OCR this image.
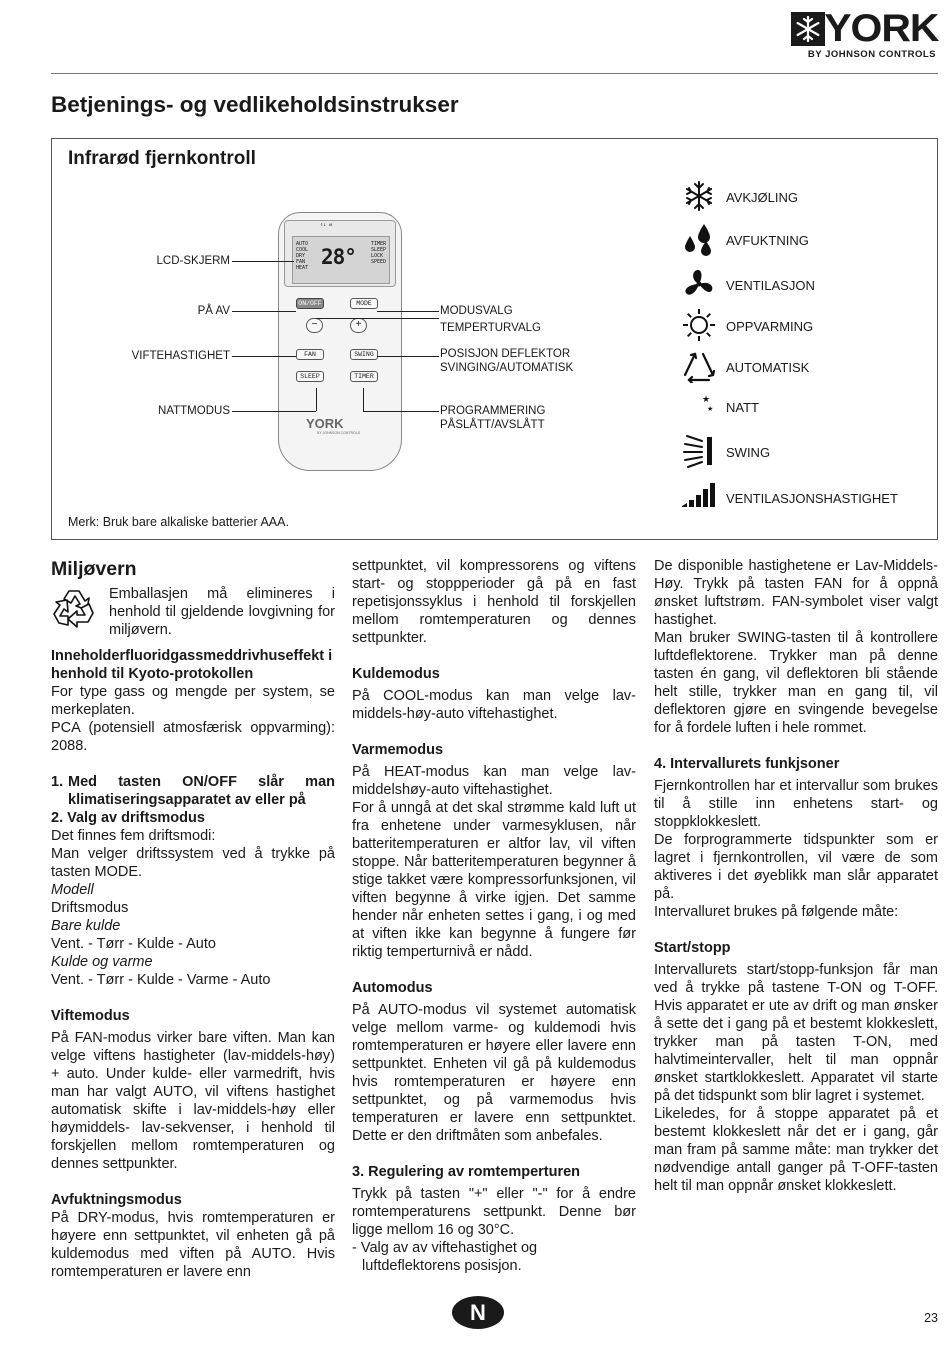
YORK
BY JOHNSON CONTROLS
Betjenings- og vedlikeholdsinstrukser
Infrarød fjernkontroll
↑↓ ⇄
AUTO
COOL
DRY
FAN
HEAT 28°
TIMER
SLEEP
LOCK
SPEED
ON/OFF	MODE
−	+
FAN	SWING
SLEEP	TIMER
YORK
BY JOHNSON CONTROLS
LCD-SKJERM
PÅ AV
VIFTEHASTIGHET
NATTMODUS
MODUSVALG
TEMPERTURVALG
POSISJON DEFLEKTOR
SVINGING/AUTOMATISK
PROGRAMMERING
PÅSLÅTT/AVSLÅTT
AVKJØLING
AVFUKTNING
VENTILASJON
OPPVARMING
AUTOMATISK
★
★ NATT
SWING
VENTILASJONSHASTIGHET
Merk: Bruk bare alkaliske batterier AAA.
Miljøvern

Emballasjen må elimineres i henhold til gjeldende lovgivning for miljøvern.

Inneholderfluoridgassmeddrivhuseffekt i henhold til Kyoto-protokollen

For type gass og mengde per system, se merkeplaten.

PCA (potensiell atmosfærisk oppvarming): 2088.

1. Med tasten ON/OFF slår man klimatiseringsapparatet av eller på

2. Valg av driftsmodus

Det finnes fem driftsmodi:

Man velger driftssystem ved å trykke på tasten MODE.

Modell

Driftsmodus

Bare kulde

Vent. - Tørr - Kulde - Auto

Kulde og varme

Vent. - Tørr - Kulde - Varme - Auto

Viftemodus

På FAN-modus virker bare viften. Man kan velge viftens hastigheter (lav-middels-høy) + auto. Under kulde- eller varmedrift, hvis man har valgt AUTO, vil viftens hastighet automatisk skifte i lav-middels-høy eller høymiddels- lav-sekvenser, i henhold til forskjellen mellom romtemperaturen og dennes settpunkter.

Avfuktningsmodus

På DRY-modus, hvis romtemperaturen er høyere enn settpunktet, vil enheten gå på kuldemodus med viften på AUTO. Hvis romtemperaturen er lavere enn

settpunktet, vil kompressorens og viftens start- og stoppperioder gå på en fast repetisjonssyklus i henhold til forskjellen mellom romtemperaturen og dennes settpunkter.

Kuldemodus

På COOL-modus kan man velge lav-middels-høy-auto viftehastighet.

Varmemodus

På HEAT-modus kan man velge lav-middelshøy-auto viftehastighet.

For å unngå at det skal strømme kald luft ut fra enhetene under varmesyklusen, når batteritemperaturen er altfor lav, vil viften stoppe. Når batteritemperaturen begynner å stige takket være kompressorfunksjonen, vil viften begynne å virke igjen. Det samme hender når enheten settes i gang, i og med at viften ikke kan begynne å fungere før riktig temperturnivå er nådd.

Automodus

På AUTO-modus vil systemet automatisk velge mellom varme- og kuldemodi hvis romtemperaturen er høyere eller lavere enn settpunktet. Enheten vil gå på kuldemodus hvis romtemperaturen er høyere enn settpunktet, og på varmemodus hvis temperaturen er lavere enn settpunktet. Dette er den driftmåten som anbefales.

3. Regulering av romtemperturen

Trykk på tasten "+" eller "-" for å endre romtemperaturens settpunkt. Denne bør ligge mellom 16 og 30°C.

- Valg av av viftehastighet og luftdeflektorens posisjon.

De disponible hastighetene er Lav-Middels-Høy. Trykk på tasten FAN for å oppnå ønsket luftstrøm. FAN-symbolet viser valgt hastighet.

Man bruker SWING-tasten til å kontrollere luftdeflektorene. Trykker man på denne tasten én gang, vil deflektoren bli stående helt stille, trykker man en gang til, vil deflektoren gjøre en svingende bevegelse for å fordele luften i hele rommet.

4. Intervallurets funkjsoner

Fjernkontrollen har et intervallur som brukes til å stille inn enhetens start- og stoppklokkeslett.

De forprogrammerte tidspunkter som er lagret i fjernkontrollen, vil være de som aktiveres i det øyeblikk man slår apparatet på.

Intervalluret brukes på følgende måte:

Start/stopp

Intervallurets start/stopp-funksjon får man ved å trykke på tastene T-ON og T-OFF. Hvis apparatet er ute av drift og man ønsker å sette det i gang på et bestemt klokkeslett, trykker man på tasten T-ON, med halvtimeintervaller, helt til man oppnår ønsket startklokkeslett. Apparatet vil starte på det tidspunkt som blir lagret i systemet.

Likeledes, for å stoppe apparatet på et bestemt klokkeslett når det er i gang, går man fram på samme måte: man trykker det nødvendige antall ganger på T-OFF-tasten helt til man oppnår ønsket klokkeslett.

N	23
